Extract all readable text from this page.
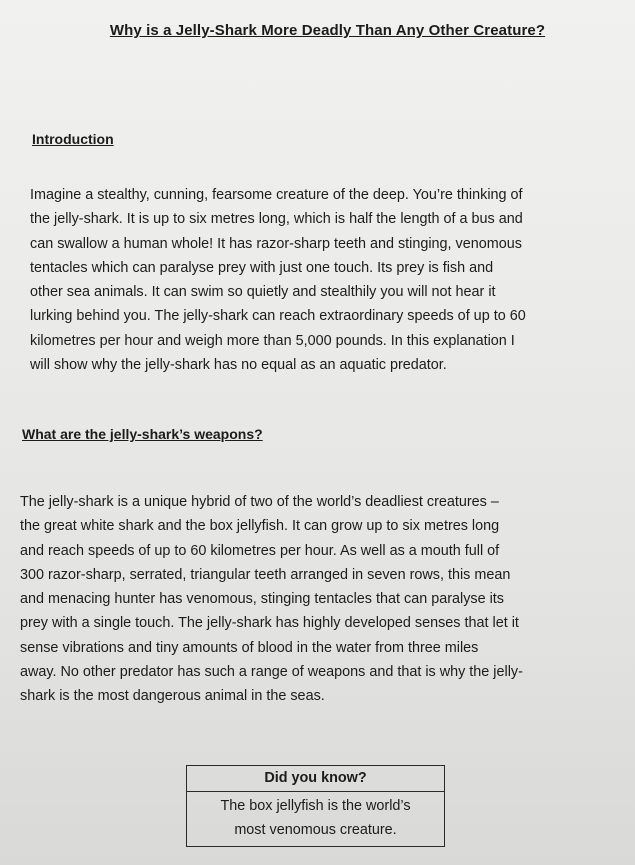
Why is a Jelly-Shark More Deadly Than Any Other Creature?
Introduction

Imagine a stealthy, cunning, fearsome creature of the deep. You’re thinking of
the jelly-shark. It is up to six metres long, which is half the length of a bus and
can swallow a human whole! It has razor-sharp teeth and stinging, venomous
tentacles which can paralyse prey with just one touch. Its prey is fish and
other sea animals. It can swim so quietly and stealthily you will not hear it
lurking behind you. The jelly-shark can reach extraordinary speeds of up to 60
kilometres per hour and weigh more than 5,000 pounds. In this explanation I
will show why the jelly-shark has no equal as an aquatic predator.

What are the jelly-shark’s weapons?

The jelly-shark is a unique hybrid of two of the world’s deadliest creatures –
the great white shark and the box jellyfish. It can grow up to six metres long
and reach speeds of up to 60 kilometres per hour. As well as a mouth full of
300 razor-sharp, serrated, triangular teeth arranged in seven rows, this mean
and menacing hunter has venomous, stinging tentacles that can paralyse its
prey with a single touch. The jelly-shark has highly developed senses that let it
sense vibrations and tiny amounts of blood in the water from three miles
away. No other predator has such a range of weapons and that is why the jelly-
shark is the most dangerous animal in the seas.

Did you know?
The box jellyfish is the world’s
most venomous creature.
